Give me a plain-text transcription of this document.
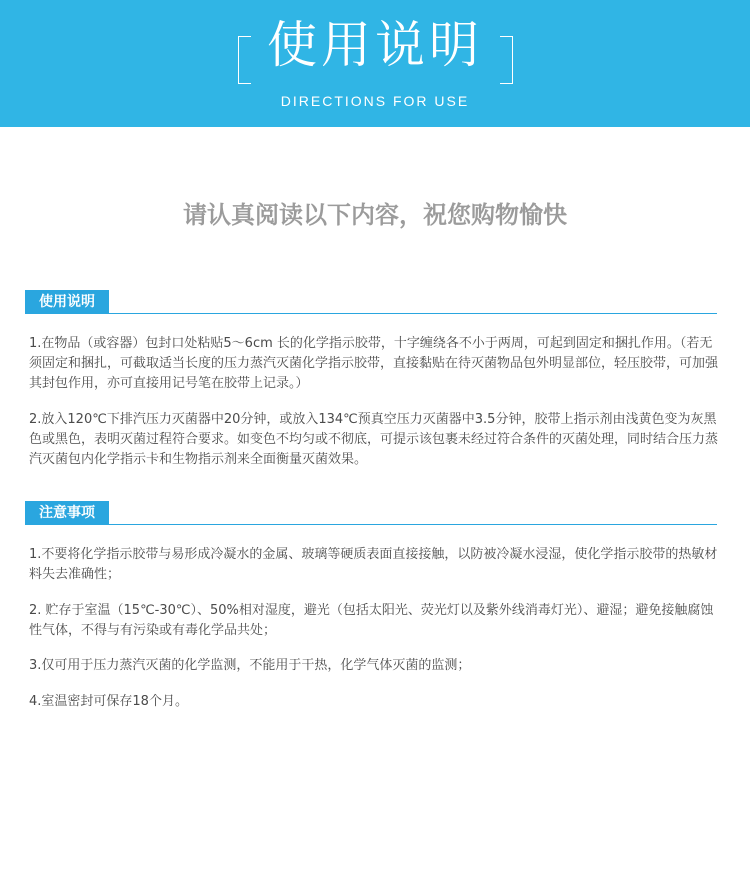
使用说明
DIRECTIONS FOR USE
请认真阅读以下内容，祝您购物愉快
使用说明

1.在物品（或容器）包封口处粘贴5～6cm 长的化学指示胶带，十字缠绕各不小于两周，可起到固定和捆扎作用。（若无须固定和捆扎，可截取适当长度的压力蒸汽灭菌化学指示胶带，直接黏贴在待灭菌物品包外明显部位，轻压胶带，可加强其封包作用，亦可直接用记号笔在胶带上记录。）

2.放入120℃下排汽压力灭菌器中20分钟，或放入134℃预真空压力灭菌器中3.5分钟，胶带上指示剂由浅黄色变为灰黑色或黑色，表明灭菌过程符合要求。如变色不均匀或不彻底，可提示该包裹未经过符合条件的灭菌处理，同时结合压力蒸汽灭菌包内化学指示卡和生物指示剂来全面衡量灭菌效果。

注意事项

1.不要将化学指示胶带与易形成冷凝水的金属、玻璃等硬质表面直接接触，以防被冷凝水浸湿，使化学指示胶带的热敏材料失去准确性；

2. 贮存于室温（15℃-30℃）、50%相对湿度，避光（包括太阳光、荧光灯以及紫外线消毒灯光）、避湿；避免接触腐蚀性气体，不得与有污染或有毒化学品共处；

3.仅可用于压力蒸汽灭菌的化学监测，不能用于干热，化学气体灭菌的监测；

4.室温密封可保存18个月。
